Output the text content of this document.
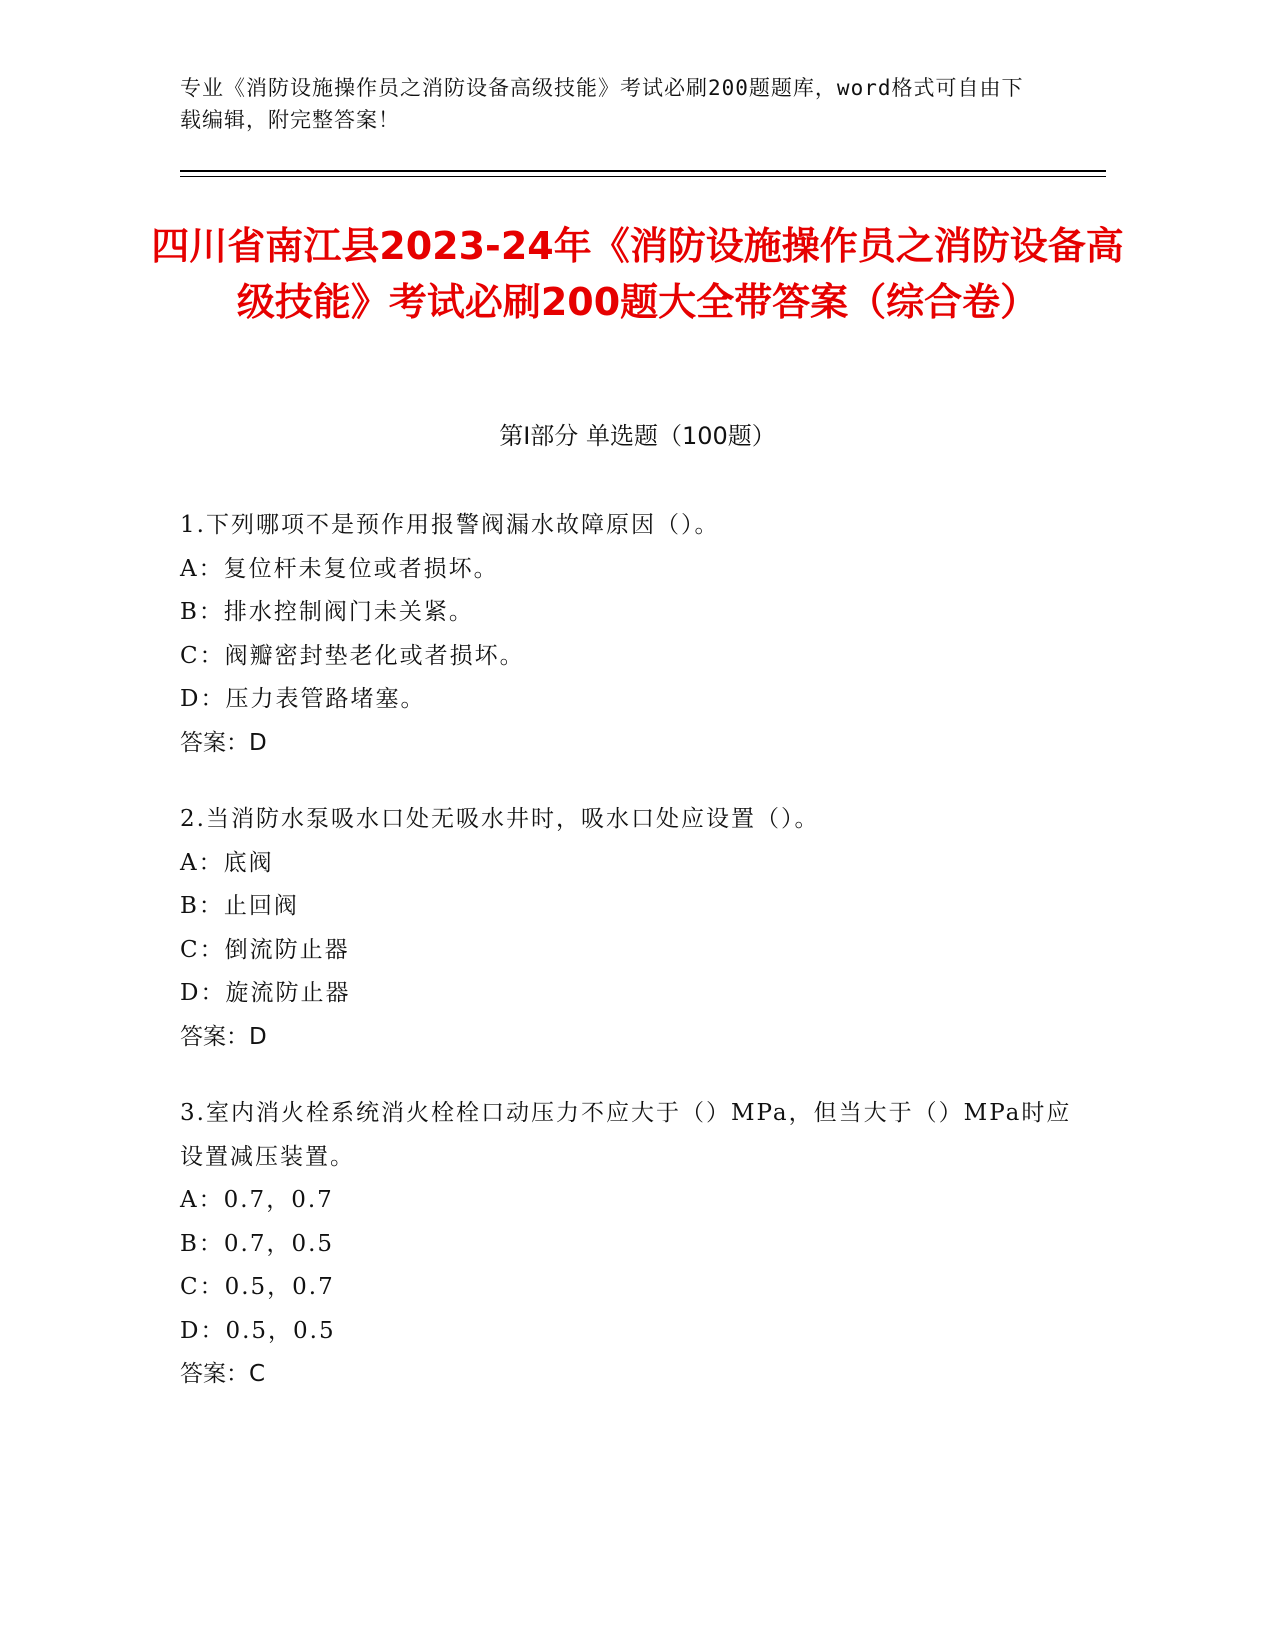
专业《消防设施操作员之消防设备高级技能》考试必刷200题题库，word格式可自由下载编辑，附完整答案！
四川省南江县2023-24年《消防设施操作员之消防设备高级技能》考试必刷200题大全带答案（综合卷）
第Ⅰ部分 单选题（100题）
1.下列哪项不是预作用报警阀漏水故障原因（）。
A：复位杆未复位或者损坏。
B：排水控制阀门未关紧。
C：阀瓣密封垫老化或者损坏。
D：压力表管路堵塞。
答案：D
2.当消防水泵吸水口处无吸水井时，吸水口处应设置（）。
A：底阀
B：止回阀
C：倒流防止器
D：旋流防止器
答案：D
3.室内消火栓系统消火栓栓口动压力不应大于（）MPa，但当大于（）MPa时应设置减压装置。
A：0.7，0.7
B：0.7，0.5
C：0.5，0.7
D：0.5，0.5
答案：C
